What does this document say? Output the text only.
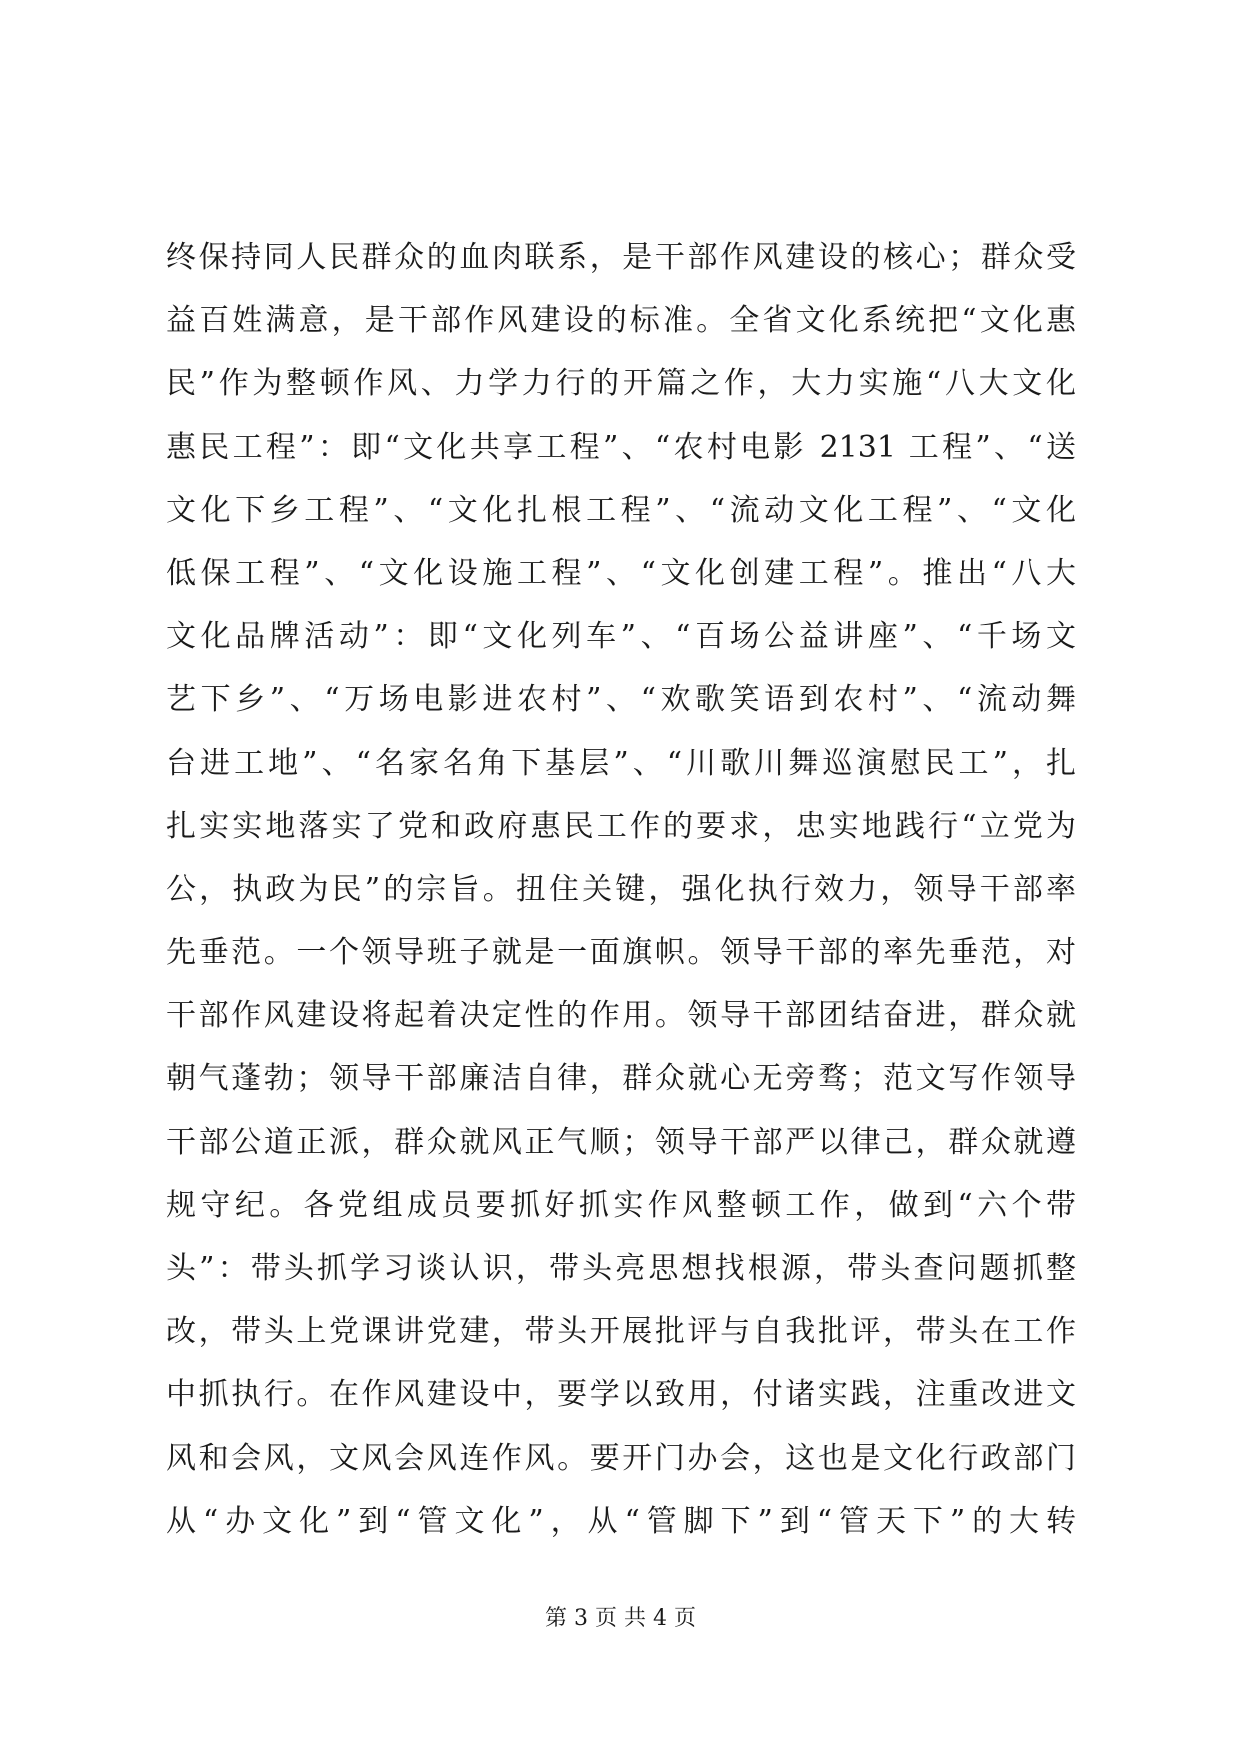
终保持同人民群众的血肉联系，是干部作风建设的核心；群众受
益百姓满意，是干部作风建设的标准。全省文化系统把“文化惠
民”作为整顿作风、力学力行的开篇之作，大力实施“八大文化
惠民工程”：即“文化共享工程”、“农村电影 2131 工程”、“送
文化下乡工程”、“文化扎根工程”、“流动文化工程”、“文化
低保工程”、“文化设施工程”、“文化创建工程”。推出“八大
文化品牌活动”：即“文化列车”、“百场公益讲座”、“千场文
艺下乡”、“万场电影进农村”、“欢歌笑语到农村”、“流动舞
台进工地”、“名家名角下基层”、“川歌川舞巡演慰民工”，扎
扎实实地落实了党和政府惠民工作的要求，忠实地践行“立党为
公，执政为民”的宗旨。扭住关键，强化执行效力，领导干部率
先垂范。一个领导班子就是一面旗帜。领导干部的率先垂范，对
干部作风建设将起着决定性的作用。领导干部团结奋进，群众就
朝气蓬勃；领导干部廉洁自律，群众就心无旁骛；范文写作领导
干部公道正派，群众就风正气顺；领导干部严以律己，群众就遵
规守纪。各党组成员要抓好抓实作风整顿工作，做到“六个带
头”：带头抓学习谈认识，带头亮思想找根源，带头查问题抓整
改，带头上党课讲党建，带头开展批评与自我批评，带头在工作
中抓执行。在作风建设中，要学以致用，付诸实践，注重改进文
风和会风，文风会风连作风。要开门办会，这也是文化行政部门
从“办文化”到“管文化”，从“管脚下”到“管天下”的大转
第 3 页 共 4 页
